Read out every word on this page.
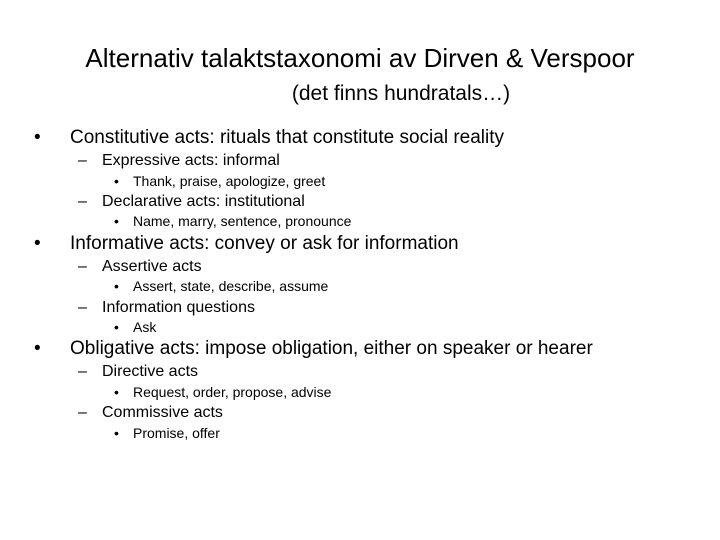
Alternativ talaktstaxonomi av Dirven & Verspoor
(det finns hundratals…)
• Constitutive acts: rituals that constitute social reality
– Expressive acts: informal
• Thank, praise, apologize, greet
– Declarative acts: institutional
• Name, marry, sentence, pronounce
• Informative acts: convey or ask for information
– Assertive acts
• Assert, state, describe, assume
– Information questions
• Ask
• Obligative acts: impose obligation, either on speaker or hearer
– Directive acts
• Request, order, propose, advise
– Commissive acts
• Promise, offer
